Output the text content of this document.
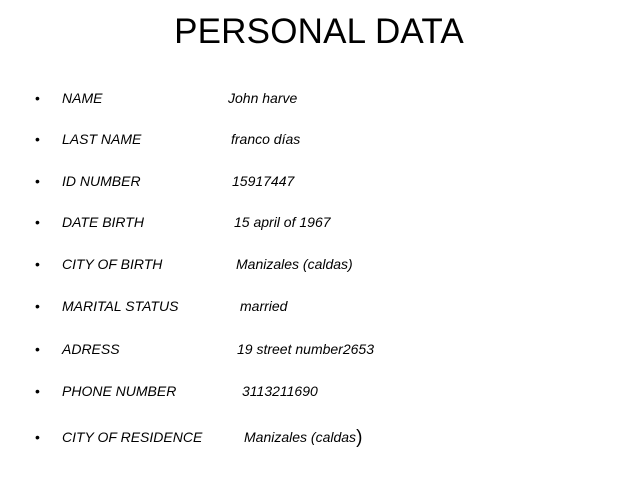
PERSONAL DATA
• NAME	John harve
• LAST NAME	franco días
• ID NUMBER	15917447
• DATE BIRTH	15 april of 1967
• CITY OF BIRTH	Manizales (caldas)
• MARITAL STATUS	married
• ADRESS	19 street number2653
• PHONE NUMBER	3113211690
• CITY OF RESIDENCE	Manizales (caldas)
